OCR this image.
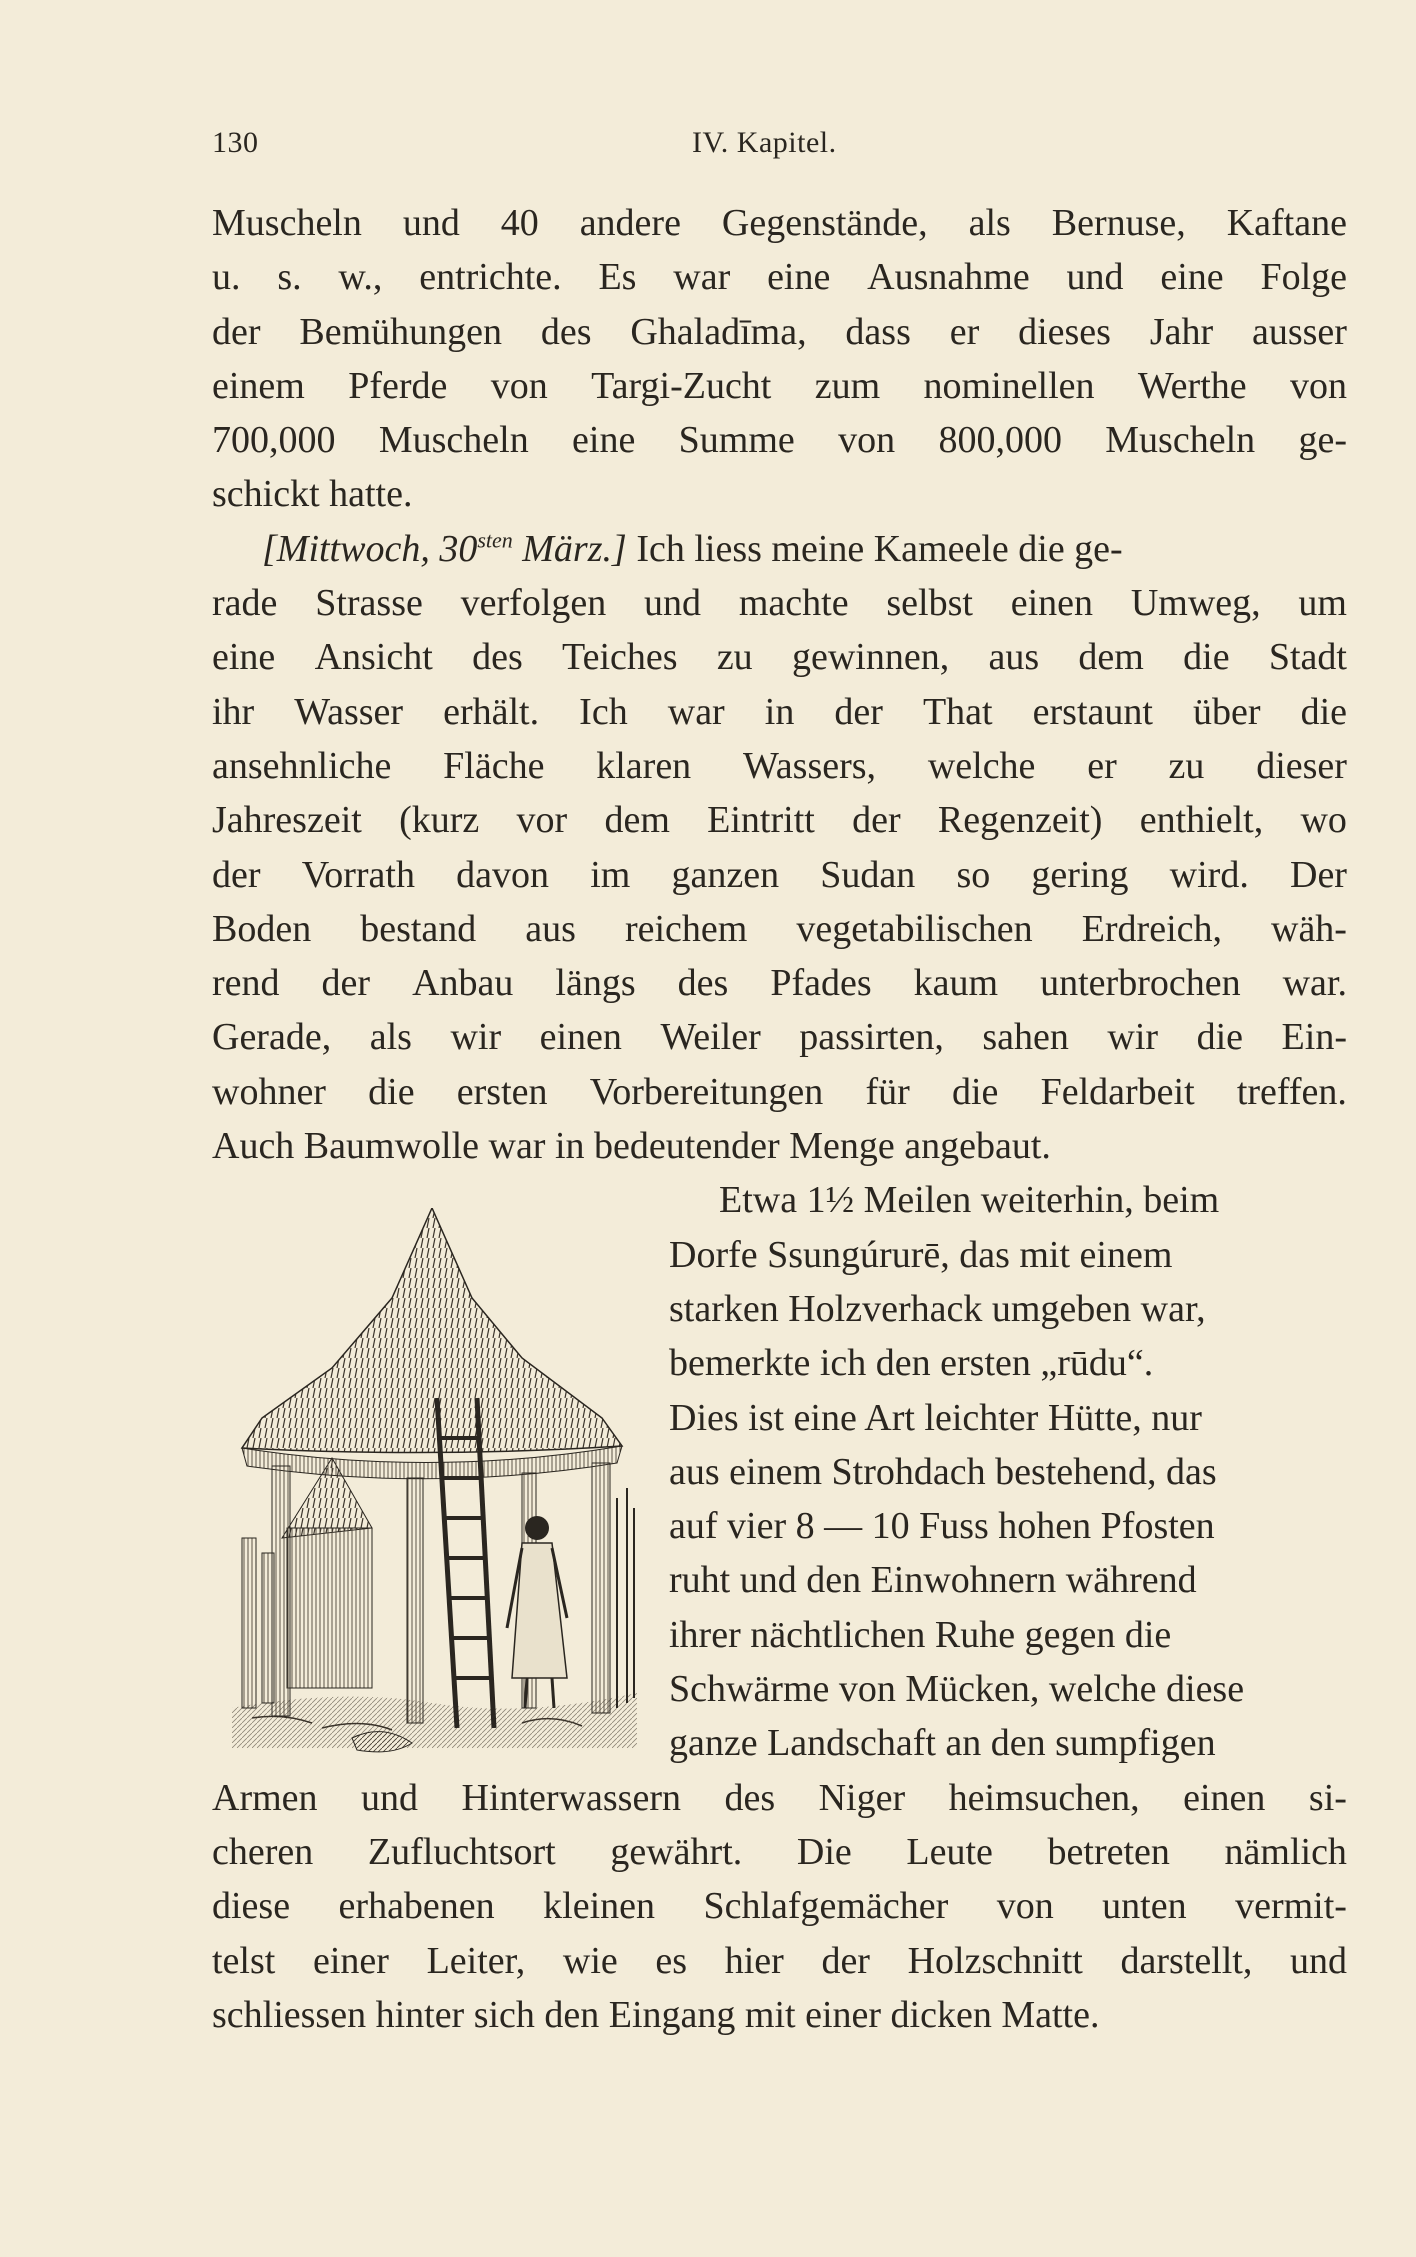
130	IV. Kapitel.
Muscheln und 40 andere Gegenstände, als Bernuse, Kaftane
u. s. w., entrichte. Es war eine Ausnahme und eine Folge
der Bemühungen des Ghaladīma, dass er dieses Jahr ausser
einem Pferde von Targi-Zucht zum nominellen Werthe von
700,000 Muscheln eine Summe von 800,000 Muscheln ge-
schickt hatte.
[Mittwoch, $30^{sten}$ März.] Ich liess meine Kameele die ge-
rade Strasse verfolgen und machte selbst einen Umweg, um
eine Ansicht des Teiches zu gewinnen, aus dem die Stadt
ihr Wasser erhält. Ich war in der That erstaunt über die
ansehnliche Fläche klaren Wassers, welche er zu dieser
Jahreszeit (kurz vor dem Eintritt der Regenzeit) enthielt, wo
der Vorrath davon im ganzen Sudan so gering wird. Der
Boden bestand aus reichem vegetabilischen Erdreich, wäh-
rend der Anbau längs des Pfades kaum unterbrochen war.
Gerade, als wir einen Weiler passirten, sahen wir die Ein-
wohner die ersten Vorbereitungen für die Feldarbeit treffen.
Auch Baumwolle war in bedeutender Menge angebaut.
Etwa 1½ Meilen weiterhin, beim
Dorfe Ssungúrurē, das mit einem
starken Holzverhack umgeben war,
bemerkte ich den ersten „rūdu“.
Dies ist eine Art leichter Hütte, nur
aus einem Strohdach bestehend, das
auf vier 8 — 10 Fuss hohen Pfosten
ruht und den Einwohnern während
ihrer nächtlichen Ruhe gegen die
Schwärme von Mücken, welche diese
ganze Landschaft an den sumpfigen
Armen und Hinterwassern des Niger heimsuchen, einen si-
cheren Zufluchtsort gewährt. Die Leute betreten nämlich
diese erhabenen kleinen Schlafgemächer von unten vermit-
telst einer Leiter, wie es hier der Holzschnitt darstellt, und
schliessen hinter sich den Eingang mit einer dicken Matte.
